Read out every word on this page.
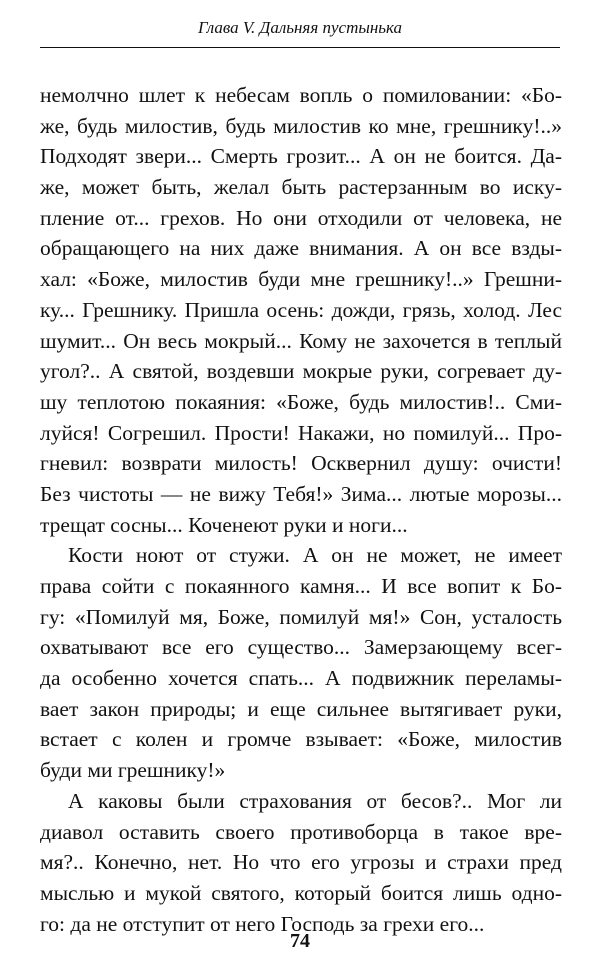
Глава V. Дальняя пустынька
немолчно шлет к небесам вопль о помиловании: «Бо-
же, будь милостив, будь милостив ко мне, грешнику!..»
Подходят звери... Смерть грозит... А он не боится. Да-
же, может быть, желал быть растерзанным во иску-
пление от... грехов. Но они отходили от человека, не
обращающего на них даже внимания. А он все взды-
хал: «Боже, милостив буди мне грешнику!..» Грешни-
ку... Грешнику. Пришла осень: дожди, грязь, холод. Лес
шумит... Он весь мокрый... Кому не захочется в теплый
угол?.. А святой, воздевши мокрые руки, согревает ду-
шу теплотою покаяния: «Боже, будь милостив!.. Сми-
луйся! Согрешил. Прости! Накажи, но помилуй... Про-
гневил: возврати милость! Осквернил душу: очисти!
Без чистоты — не вижу Тебя!» Зима... лютые морозы...
трещат сосны... Коченеют руки и ноги...
Кости ноют от стужи. А он не может, не имеет
права сойти с покаянного камня... И все вопит к Бо-
гу: «Помилуй мя, Боже, помилуй мя!» Сон, усталость
охватывают все его существо... Замерзающему всег-
да особенно хочется спать... А подвижник переламы-
вает закон природы; и еще сильнее вытягивает руки,
встает с колен и громче взывает: «Боже, милостив
буди ми грешнику!»
А каковы были страхования от бесов?.. Мог ли
диавол оставить своего противоборца в такое вре-
мя?.. Конечно, нет. Но что его угрозы и страхи пред
мыслью и мукой святого, который боится лишь одно-
го: да не отступит от него Господь за грехи его...
74
